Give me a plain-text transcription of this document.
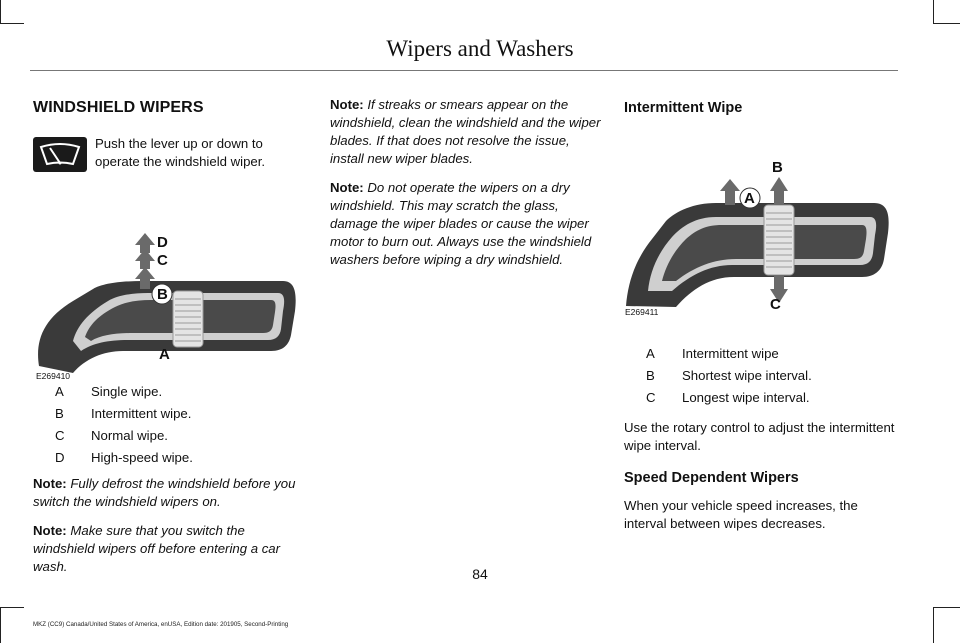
Wipers and Washers
WINDSHIELD WIPERS
Push the lever up or down to operate the windshield wiper.
D
C
B
A
E269410
A	Single wipe.
B	Intermittent wipe.
C	Normal wipe.
D	High-speed wipe.

Note: Fully defrost the windshield before you switch the windshield wipers on.

Note: Make sure that you switch the windshield wipers off before entering a car wash.

Note: If streaks or smears appear on the windshield, clean the windshield and the wiper blades. If that does not resolve the issue, install new wiper blades.

Note: Do not operate the wipers on a dry windshield. This may scratch the glass, damage the wiper blades or cause the wiper motor to burn out. Always use the windshield washers before wiping a dry windshield.

Intermittent Wipe
B
A
C
E269411
A	Intermittent wipe
B	Shortest wipe interval.
C	Longest wipe interval.

Use the rotary control to adjust the intermittent wipe interval.

Speed Dependent Wipers

When your vehicle speed increases, the interval between wipes decreases.

84
MKZ (CC9) Canada/United States of America, enUSA, Edition date: 201905, Second-Printing
